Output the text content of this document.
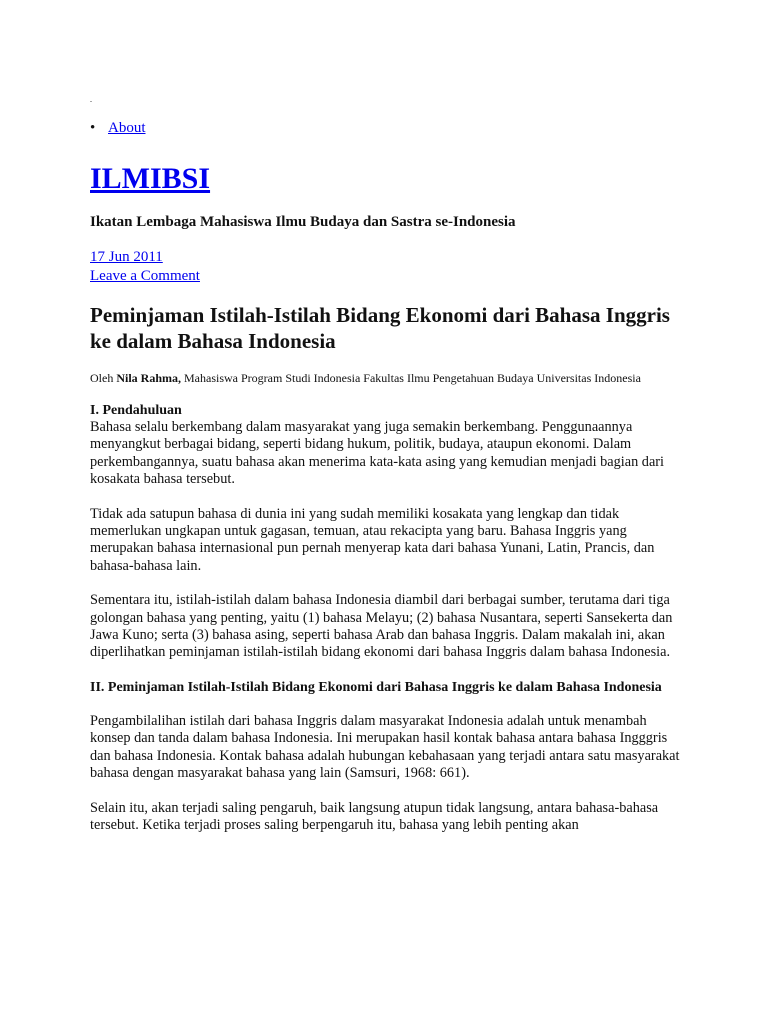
.

• About
ILMIBSI

Ikatan Lembaga Mahasiswa Ilmu Budaya dan Sastra se-Indonesia

17 Jun 2011
Leave a Comment
Peminjaman Istilah-Istilah Bidang Ekonomi dari Bahasa Inggris ke dalam Bahasa Indonesia

Oleh Nila Rahma, Mahasiswa Program Studi Indonesia Fakultas Ilmu Pengetahuan Budaya Universitas Indonesia

I. Pendahuluan

Bahasa selalu berkembang dalam masyarakat yang juga semakin berkembang. Penggunaannya menyangkut berbagai bidang, seperti bidang hukum, politik, budaya, ataupun ekonomi. Dalam perkembangannya, suatu bahasa akan menerima kata-kata asing yang kemudian menjadi bagian dari kosakata bahasa tersebut.

Tidak ada satupun bahasa di dunia ini yang sudah memiliki kosakata yang lengkap dan tidak memerlukan ungkapan untuk gagasan, temuan, atau rekacipta yang baru. Bahasa Inggris yang merupakan bahasa internasional pun pernah menyerap kata dari bahasa Yunani, Latin, Prancis, dan bahasa-bahasa lain.

Sementara itu, istilah-istilah dalam bahasa Indonesia diambil dari berbagai sumber, terutama dari tiga golongan bahasa yang penting, yaitu (1) bahasa Melayu; (2) bahasa Nusantara, seperti Sansekerta dan Jawa Kuno; serta (3) bahasa asing, seperti bahasa Arab dan bahasa Inggris. Dalam makalah ini, akan diperlihatkan peminjaman istilah-istilah bidang ekonomi dari bahasa Inggris dalam bahasa Indonesia.

II. Peminjaman Istilah-Istilah Bidang Ekonomi dari Bahasa Inggris ke dalam Bahasa Indonesia

Pengambilalihan istilah dari bahasa Inggris dalam masyarakat Indonesia adalah untuk menambah konsep dan tanda dalam bahasa Indonesia. Ini merupakan hasil kontak bahasa antara bahasa Ingggris dan bahasa Indonesia. Kontak bahasa adalah hubungan kebahasaan yang terjadi antara satu masyarakat bahasa dengan masyarakat bahasa yang lain (Samsuri, 1968: 661).

Selain itu, akan terjadi saling pengaruh, baik langsung atupun tidak langsung, antara bahasa-bahasa tersebut. Ketika terjadi proses saling berpengaruh itu, bahasa yang lebih penting akan
